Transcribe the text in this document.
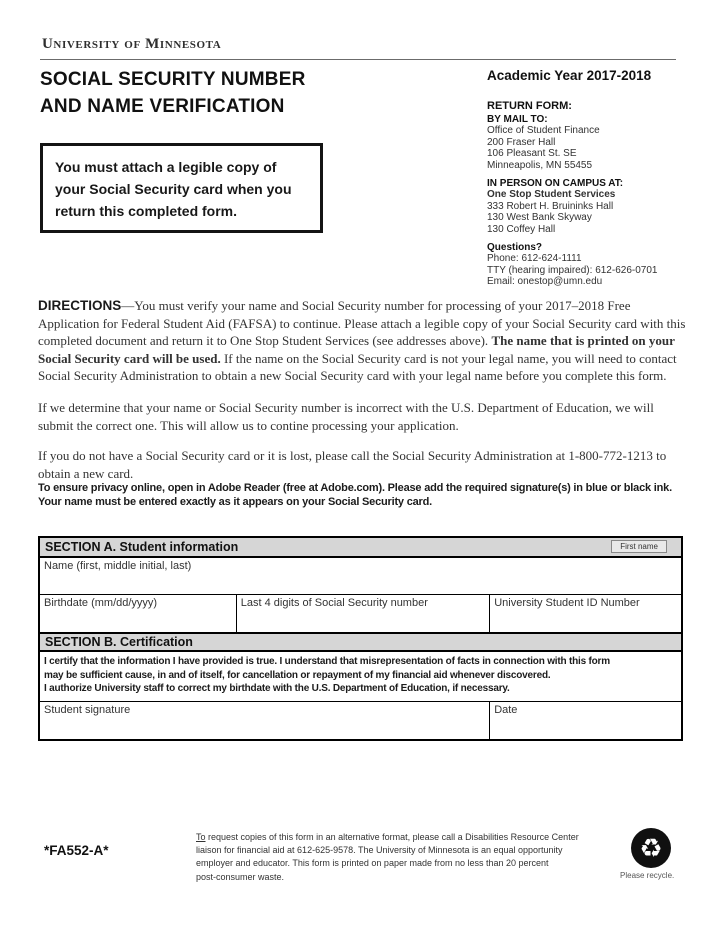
University of Minnesota
SOCIAL SECURITY NUMBER
AND NAME VERIFICATION
Academic Year 2017-2018
RETURN FORM:
BY MAIL TO:
Office of Student Finance
200 Fraser Hall
106 Pleasant St. SE
Minneapolis, MN 55455
IN PERSON ON CAMPUS AT:
One Stop Student Services
333 Robert H. Bruininks Hall
130 West Bank Skyway
130 Coffey Hall
Questions?
Phone: 612-624-1111
TTY (hearing impaired): 612-626-0701
Email: onestop@umn.edu
You must attach a legible copy of your Social Security card when you return this completed form.
DIRECTIONS—You must verify your name and Social Security number for processing of your 2017–2018 Free Application for Federal Student Aid (FAFSA) to continue. Please attach a legible copy of your Social Security card with this completed document and return it to One Stop Student Services (see addresses above). The name that is printed on your Social Security card will be used. If the name on the Social Security card is not your legal name, you will need to contact Social Security Administration to obtain a new Social Security card with your legal name before you complete this form.
If we determine that your name or Social Security number is incorrect with the U.S. Department of Education, we will submit the correct one. This will allow us to contine processing your application.
If you do not have a Social Security card or it is lost, please call the Social Security Administration at 1-800-772-1213 to obtain a new card.
To ensure privacy online, open in Adobe Reader (free at Adobe.com). Please add the required signature(s) in blue or black ink.
Your name must be entered exactly as it appears on your Social Security card.
SECTION A. Student information	First name
Name (first, middle initial, last)
Birthdate (mm/dd/yyyy)	Last 4 digits of Social Security number	University Student ID Number
SECTION B. Certification
I certify that the information I have provided is true. I understand that misrepresentation of facts in connection with this form
may be sufficient cause, in and of itself, for cancellation or repayment of my financial aid whenever discovered.
I authorize University staff to correct my birthdate with the U.S. Department of Education, if necessary.
Student signature	Date
*FA552-A*
To request copies of this form in an alternative format, please call a Disabilities Resource Center
liaison for financial aid at 612-625-9578. The University of Minnesota is an equal opportunity
employer and educator. This form is printed on paper made from no less than 20 percent
post-consumer waste.
♻
Please recycle.
